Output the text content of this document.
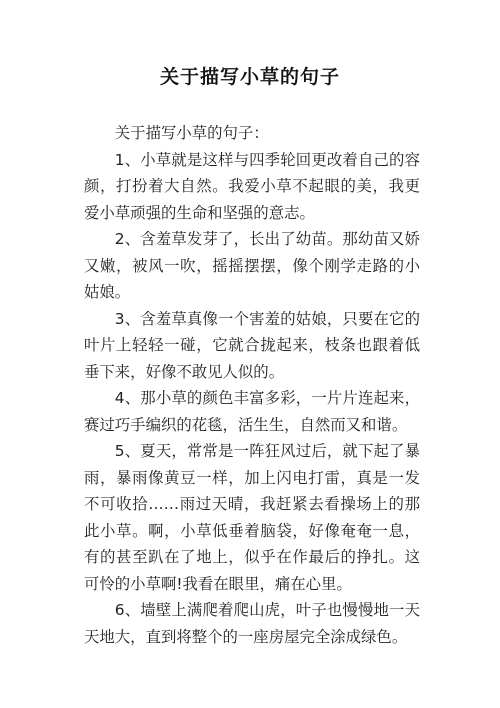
关于描写小草的句子

关于描写小草的句子：

1、小草就是这样与四季轮回更改着自己的容颜，打扮着大自然。我爱小草不起眼的美，我更爱小草顽强的生命和坚强的意志。

2、含羞草发芽了，长出了幼苗。那幼苗又娇又嫩，被风一吹，摇摇摆摆，像个刚学走路的小姑娘。

3、含羞草真像一个害羞的姑娘，只要在它的叶片上轻轻一碰，它就合拢起来，枝条也跟着低垂下来，好像不敢见人似的。

4、那小草的颜色丰富多彩，一片片连起来，赛过巧手编织的花毯，活生生，自然而又和谐。

5、夏天，常常是一阵狂风过后，就下起了暴雨，暴雨像黄豆一样，加上闪电打雷，真是一发不可收拾……雨过天晴，我赶紧去看操场上的那此小草。啊，小草低垂着脑袋，好像奄奄一息，有的甚至趴在了地上，似乎在作最后的挣扎。这可怜的小草啊!我看在眼里，痛在心里。

6、墙壁上满爬着爬山虎，叶子也慢慢地一天天地大，直到将整个的一座房屋完全涂成绿色。
